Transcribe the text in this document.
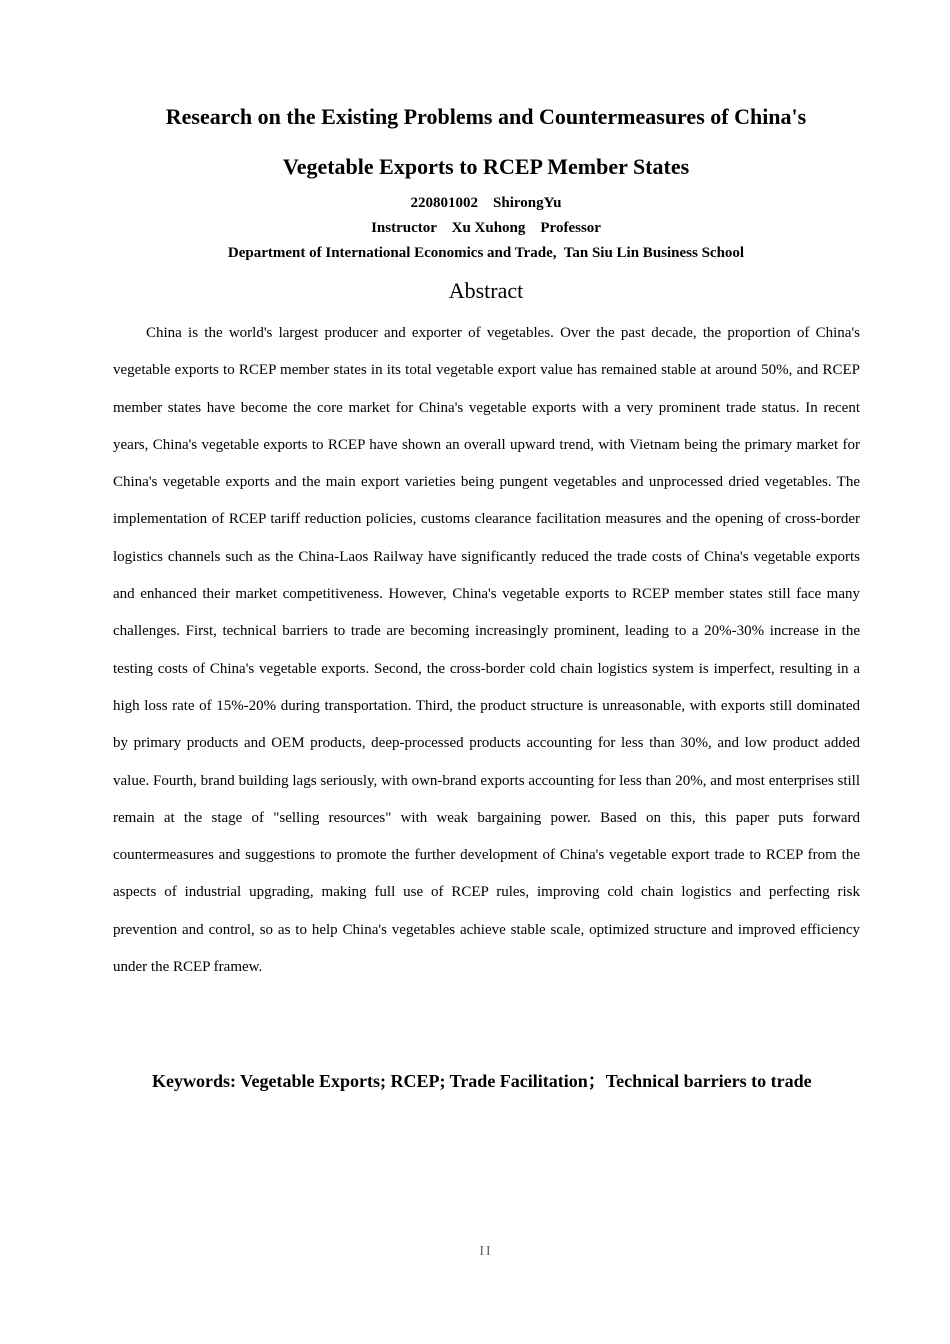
Research on the Existing Problems and Countermeasures of China's
Vegetable Exports to RCEP Member States
220801002    ShirongYu
Instructor    Xu Xuhong    Professor
Department of International Economics and Trade,  Tan Siu Lin Business School
Abstract

China is the world's largest producer and exporter of vegetables. Over the past decade, the proportion of China's vegetable exports to RCEP member states in its total vegetable export value has remained stable at around 50%, and RCEP member states have become the core market for China's vegetable exports with a very prominent trade status. In recent years, China's vegetable exports to RCEP have shown an overall upward trend, with Vietnam being the primary market for China's vegetable exports and the main export varieties being pungent vegetables and unprocessed dried vegetables. The implementation of RCEP tariff reduction policies, customs clearance facilitation measures and the opening of cross-border logistics channels such as the China-Laos Railway have significantly reduced the trade costs of China's vegetable exports and enhanced their market competitiveness. However, China's vegetable exports to RCEP member states still face many challenges. First, technical barriers to trade are becoming increasingly prominent, leading to a 20%-30% increase in the testing costs of China's vegetable exports. Second, the cross-border cold chain logistics system is imperfect, resulting in a high loss rate of 15%-20% during transportation. Third, the product structure is unreasonable, with exports still dominated by primary products and OEM products, deep-processed products accounting for less than 30%, and low product added value. Fourth, brand building lags seriously, with own-brand exports accounting for less than 20%, and most enterprises still remain at the stage of "selling resources" with weak bargaining power. Based on this, this paper puts forward countermeasures and suggestions to promote the further development of China's vegetable export trade to RCEP from the aspects of industrial upgrading, making full use of RCEP rules, improving cold chain logistics and perfecting risk prevention and control, so as to help China's vegetables achieve stable scale, optimized structure and improved efficiency under the RCEP framew.

Keywords: Vegetable Exports; RCEP; Trade Facilitation；Technical barriers to trade
II
